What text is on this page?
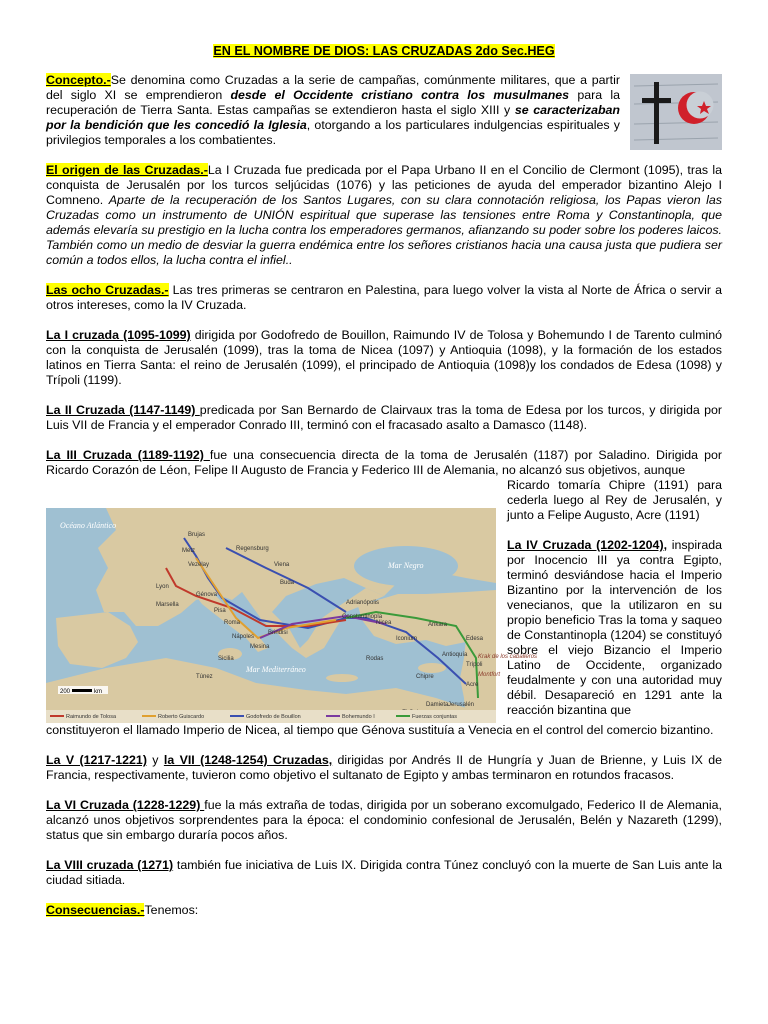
EN EL NOMBRE DE DIOS: LAS CRUZADAS 2do Sec.HEG

Concepto.-Se denomina como Cruzadas a la serie de campañas, comúnmente militares, que a partir del siglo XI se emprendieron desde el Occidente cristiano contra los musulmanes para la recuperación de Tierra Santa. Estas campañas se extendieron hasta el siglo XIII y se caracterizaban por la bendición que les concedió la Iglesia, otorgando a los particulares indulgencias espirituales y privilegios temporales a los combatientes.

El origen de las Cruzadas.-La I Cruzada fue predicada por el Papa Urbano II en el Concilio de Clermont (1095), tras la conquista de Jerusalén por los turcos seljúcidas (1076) y las peticiones de ayuda del emperador bizantino Alejo I Comneno. Aparte de la recuperación de los Santos Lugares, con su clara connotación religiosa, los Papas vieron las Cruzadas como un instrumento de UNIÓN espiritual que superase las tensiones entre Roma y Constantinopla, que además elevaría su prestigio en la lucha contra los emperadores germanos, afianzando su poder sobre los poderes laicos. También como un medio de desviar la guerra endémica entre los señores cristianos hacia una causa justa que pudiera ser común a todos ellos, la lucha contra el infiel..

Las ocho Cruzadas.- Las tres primeras se centraron en Palestina, para luego volver la vista al Norte de África o servir a otros intereses, como la IV Cruzada.

La I cruzada (1095-1099) dirigida por Godofredo de Bouillon, Raimundo IV de Tolosa y Bohemundo I de Tarento culminó con la conquista de Jerusalén (1099), tras la toma de Nicea (1097) y Antioquia (1098), y la formación de los estados latinos en Tierra Santa: el reino de Jerusalén (1099), el principado de Antioquia (1098)y los condados de Edesa (1098) y Trípoli (1199).

La II Cruzada (1147-1149) predicada por San Bernardo de Clairvaux tras la toma de Edesa por los turcos, y dirigida por Luis VII de Francia y el emperador Conrado III, terminó con el fracasado asalto a Damasco (1148).

La III Cruzada (1189-1192) fue una consecuencia directa de la toma de Jerusalén (1187) por Saladino. Dirigida por Ricardo Corazón de Léon, Felipe II Augusto de Francia y Federico III de Alemania, no alcanzó sus objetivos, aunque

Océano Atlántico
Mar Mediterráneo
Mar Negro
Brujas
Metz	Regensburg
Vezelay	Viena
Buda
Lyon
Marsella
Génova
Pisa
Roma
Nápoles
Brindisi
Mesina
Sicilia
Túnez
Constantinopla
Adrianópolis
Nicea	Ankara
Iconium
Antioquía
Edesa
Trípoli
Acre
Jerusalén
Rodas
Chipre
Damieta
Krak de los caballeros
Montfort
200	km
Raimundo de Tolosa	Roberto Guiscardo	Godofredo de Bouillon	Bohemundo I	Fuerzas conjuntas

Ricardo tomaría Chipre (1191) para cederla luego al Rey de Jerusalén, y junto a Felipe Augusto, Acre (1191)

La IV Cruzada (1202-1204), inspirada por Inocencio III ya contra Egipto, terminó desviándose hacia el Imperio Bizantino por la intervención de los venecianos, que la utilizaron en su propio beneficio Tras la toma y saqueo de Constantinopla (1204) se constituyó sobre el viejo Bizancio el Imperio Latino de Occidente, organizado feudalmente y con una autoridad muy débil. Desapareció en 1291 ante la reacción bizantina que

constituyeron el llamado Imperio de Nicea, al tiempo que Génova sustituía a Venecia en el control del comercio bizantino.

La V (1217-1221) y la VII (1248-1254) Cruzadas, dirigidas por Andrés II de Hungría y Juan de Brienne, y Luis IX de Francia, respectivamente, tuvieron como objetivo el sultanato de Egipto y ambas terminaron en rotundos fracasos.

La VI Cruzada (1228-1229) fue la más extraña de todas, dirigida por un soberano excomulgado, Federico II de Alemania, alcanzó unos objetivos sorprendentes para la época: el condominio confesional de Jerusalén, Belén y Nazareth (1299), status que sin embargo duraría pocos años.

La VIII cruzada (1271) también fue iniciativa de Luis IX. Dirigida contra Túnez concluyó con la muerte de San Luis ante la ciudad sitiada.

Consecuencias.-Tenemos:
